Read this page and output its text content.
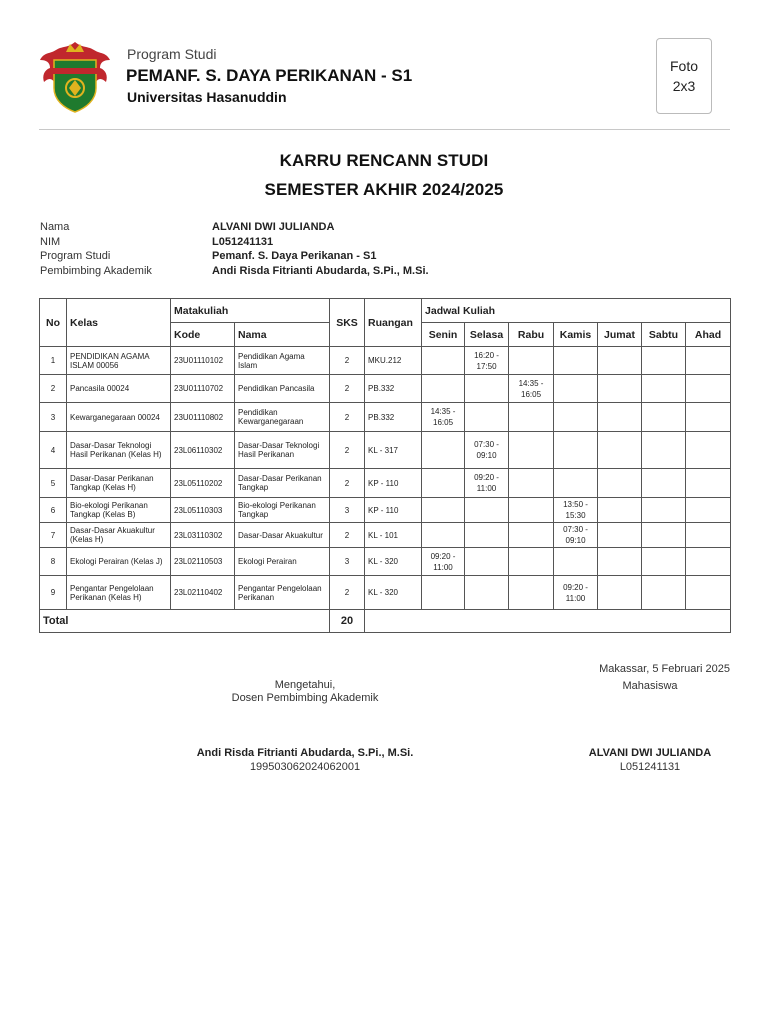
Program Studi
PEMANF. S. DAYA PERIKANAN - S1
Universitas Hasanuddin
Foto
2x3
KARRU RENCANN STUDI
SEMESTER AKHIR 2024/2025
Nama	ALVANI DWI JULIANDA
NIM	L051241131
Program Studi	Pemanf. S. Daya Perikanan - S1
Pembimbing Akademik	Andi Risda Fitrianti Abudarda, S.Pi., M.Si.
No	Kelas	Matakuliah		SKS	Ruangan	Jadwal Kuliah						
		Kode	Nama			Senin	Selasa	Rabu	Kamis	Jumat	Sabtu	Ahad
1	PENDIDIKAN AGAMA ISLAM 00056	23U01110102	Pendidikan Agama Islam	2	MKU.212		16:20 - 17:50					
2	Pancasila 00024	23U01110702	Pendidikan Pancasila	2	PB.332			14:35 - 16:05				
3	Kewarganegaraan 00024	23U01110802	Pendidikan Kewarganegaraan	2	PB.332	14:35 - 16:05						
4	Dasar-Dasar Teknologi Hasil Perikanan (Kelas H)	23L06110302	Dasar-Dasar Teknologi Hasil Perikanan	2	KL - 317		07:30 - 09:10					
5	Dasar-Dasar Perikanan Tangkap (Kelas H)	23L05110202	Dasar-Dasar Perikanan Tangkap	2	KP - 110		09:20 - 11:00					
6	Bio-ekologi Perikanan Tangkap (Kelas B)	23L05110303	Bio-ekologi Perikanan Tangkap	3	KP - 110				13:50 - 15:30			
7	Dasar-Dasar Akuakultur (Kelas H)	23L03110302	Dasar-Dasar Akuakultur	2	KL - 101				07:30 - 09:10			
8	Ekologi Perairan (Kelas J)	23L02110503	Ekologi Perairan	3	KL - 320	09:20 - 11:00						
9	Pengantar Pengelolaan Perikanan (Kelas H)	23L02110402	Pengantar Pengelolaan Perikanan	2	KL - 320				09:20 - 11:00			
Total				20								
Makassar, 5 Februari 2025
Mahasiswa
Mengetahui,
Dosen Pembimbing Akademik
Andi Risda Fitrianti Abudarda, S.Pi., M.Si.
199503062024062001
ALVANI DWI JULIANDA
L051241131
